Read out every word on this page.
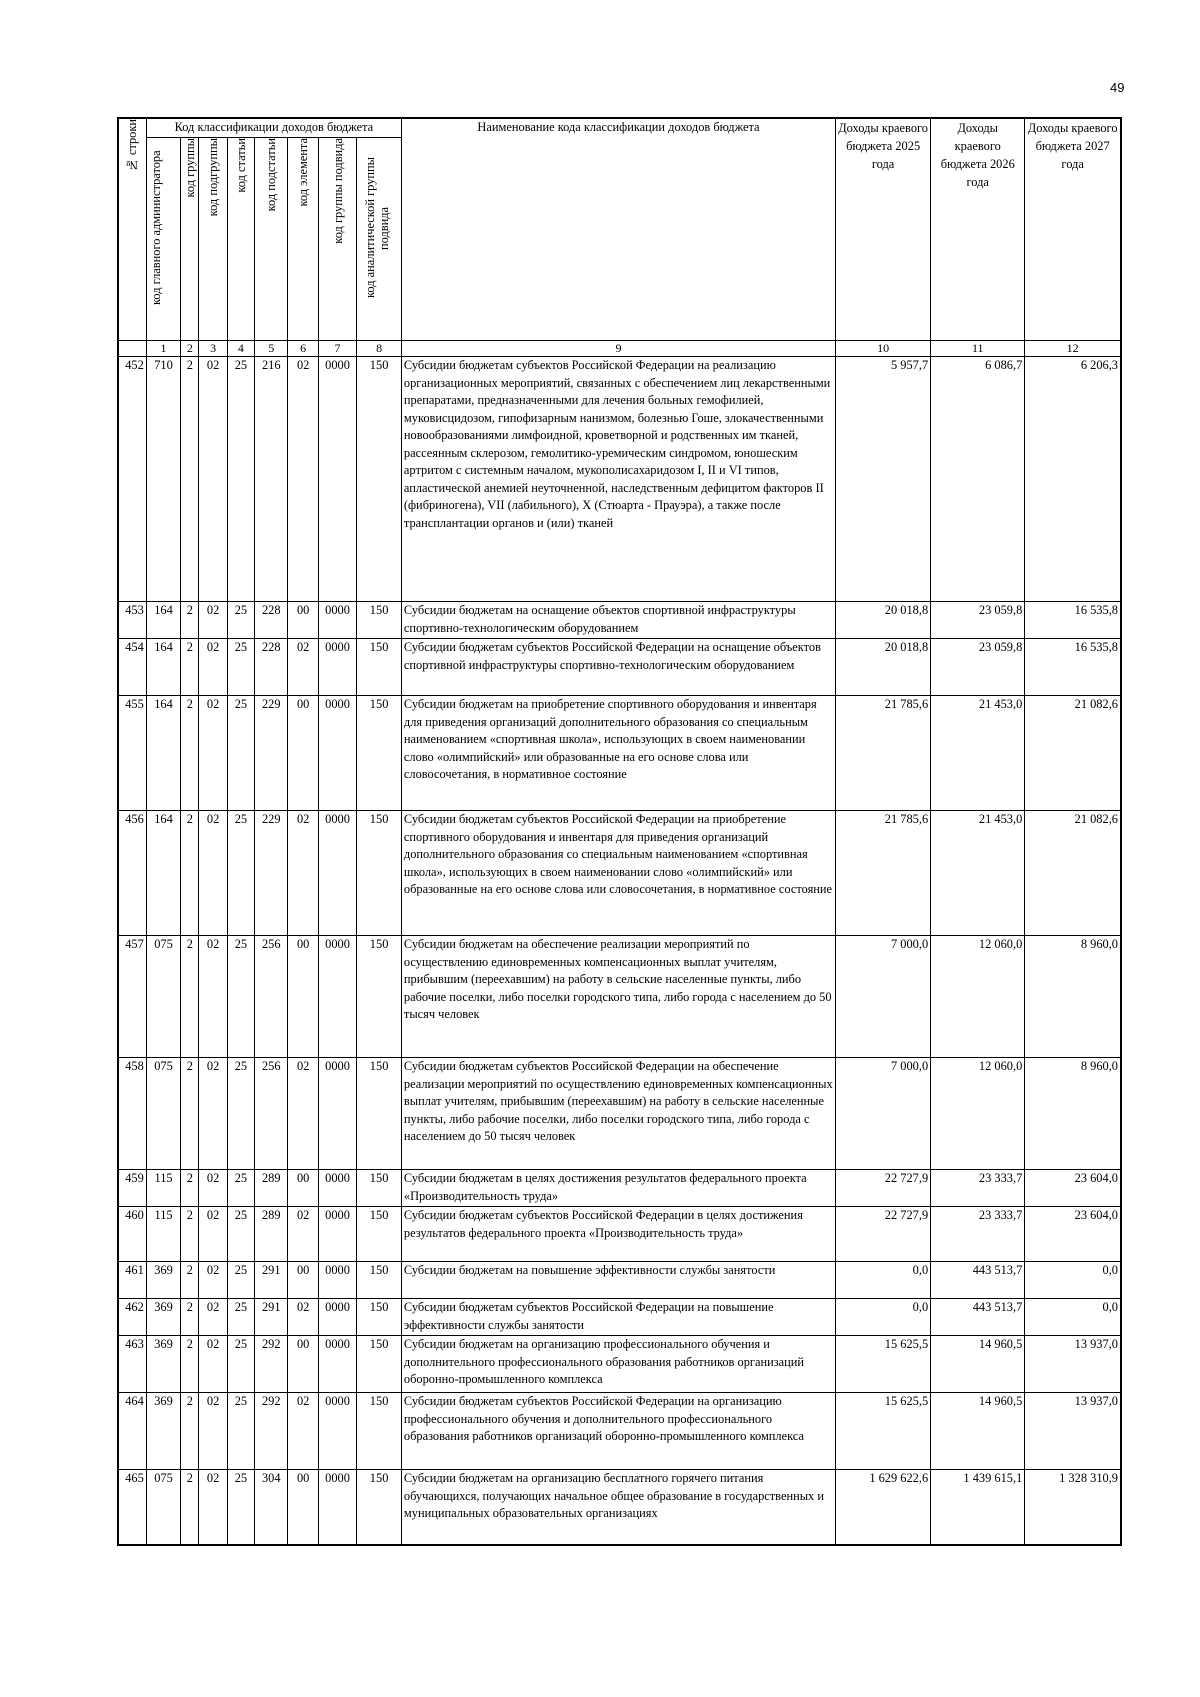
49
№ строки	Код классификации доходов бюджета								Наименование кода классификации доходов бюджета	Доходы краевого бюджета 2025 года	Доходы краевого бюджета 2026 года	Доходы краевого бюджета 2027 года
	код главного администратора	код группы	код подгруппы	код статьи	код подстатьи	код элемента	код группы подвида	код аналитической группы подвида				
	1	2	3	4	5	6	7	8	9	10	11	12
452	710	2	02	25	216	02	0000	150	Субсидии бюджетам субъектов Российской Федерации на реализацию организационных мероприятий, связанных с обеспечением лиц лекарственными препаратами, предназначенными для лечения больных гемофилией, муковисцидозом, гипофизарным нанизмом, болезнью Гоше, злокачественными новообразованиями лимфоидной, кроветворной и родственных им тканей, рассеянным склерозом, гемолитико-уремическим синдромом, юношеским артритом с системным началом, мукополисахаридозом I, II и VI типов, апластической анемией неуточненной, наследственным дефицитом факторов II (фибриногена), VII (лабильного), X (Стюарта - Прауэра), а также после трансплантации органов и (или) тканей	5 957,7	6 086,7	6 206,3
453	164	2	02	25	228	00	0000	150	Субсидии бюджетам на оснащение объектов спортивной инфраструктуры спортивно-технологическим оборудованием	20 018,8	23 059,8	16 535,8
454	164	2	02	25	228	02	0000	150	Субсидии бюджетам субъектов Российской Федерации на оснащение объектов спортивной инфраструктуры спортивно-технологическим оборудованием	20 018,8	23 059,8	16 535,8
455	164	2	02	25	229	00	0000	150	Субсидии бюджетам на приобретение спортивного оборудования и инвентаря для приведения организаций дополнительного образования со специальным наименованием «спортивная школа», использующих в своем наименовании слово «олимпийский» или образованные на его основе слова или словосочетания, в нормативное состояние	21 785,6	21 453,0	21 082,6
456	164	2	02	25	229	02	0000	150	Субсидии бюджетам субъектов Российской Федерации на приобретение спортивного оборудования и инвентаря для приведения организаций дополнительного образования со специальным наименованием «спортивная школа», использующих в своем наименовании слово «олимпийский» или образованные на его основе слова или словосочетания, в нормативное состояние	21 785,6	21 453,0	21 082,6
457	075	2	02	25	256	00	0000	150	Субсидии бюджетам на обеспечение реализации мероприятий по осуществлению единовременных компенсационных выплат учителям, прибывшим (переехавшим) на работу в сельские населенные пункты, либо рабочие поселки, либо поселки городского типа, либо города с населением до 50 тысяч человек	7 000,0	12 060,0	8 960,0
458	075	2	02	25	256	02	0000	150	Субсидии бюджетам субъектов Российской Федерации на обеспечение реализации мероприятий по осуществлению единовременных компенсационных выплат учителям, прибывшим (переехавшим) на работу в сельские населенные пункты, либо рабочие поселки, либо поселки городского типа, либо города с населением до 50 тысяч человек	7 000,0	12 060,0	8 960,0
459	115	2	02	25	289	00	0000	150	Субсидии бюджетам в целях достижения результатов федерального проекта «Производительность труда»	22 727,9	23 333,7	23 604,0
460	115	2	02	25	289	02	0000	150	Субсидии бюджетам субъектов Российской Федерации в целях достижения результатов федерального проекта «Производительность труда»	22 727,9	23 333,7	23 604,0
461	369	2	02	25	291	00	0000	150	Субсидии бюджетам на повышение эффективности службы занятости	0,0	443 513,7	0,0
462	369	2	02	25	291	02	0000	150	Субсидии бюджетам субъектов Российской Федерации на повышение эффективности службы занятости	0,0	443 513,7	0,0
463	369	2	02	25	292	00	0000	150	Субсидии бюджетам на организацию профессионального обучения и дополнительного профессионального образования работников организаций оборонно-промышленного комплекса	15 625,5	14 960,5	13 937,0
464	369	2	02	25	292	02	0000	150	Субсидии бюджетам субъектов Российской Федерации на организацию профессионального обучения и дополнительного профессионального образования работников организаций оборонно-промышленного комплекса	15 625,5	14 960,5	13 937,0
465	075	2	02	25	304	00	0000	150	Субсидии бюджетам на организацию бесплатного горячего питания обучающихся, получающих начальное общее образование в государственных и муниципальных образовательных организациях	1 629 622,6	1 439 615,1	1 328 310,9
